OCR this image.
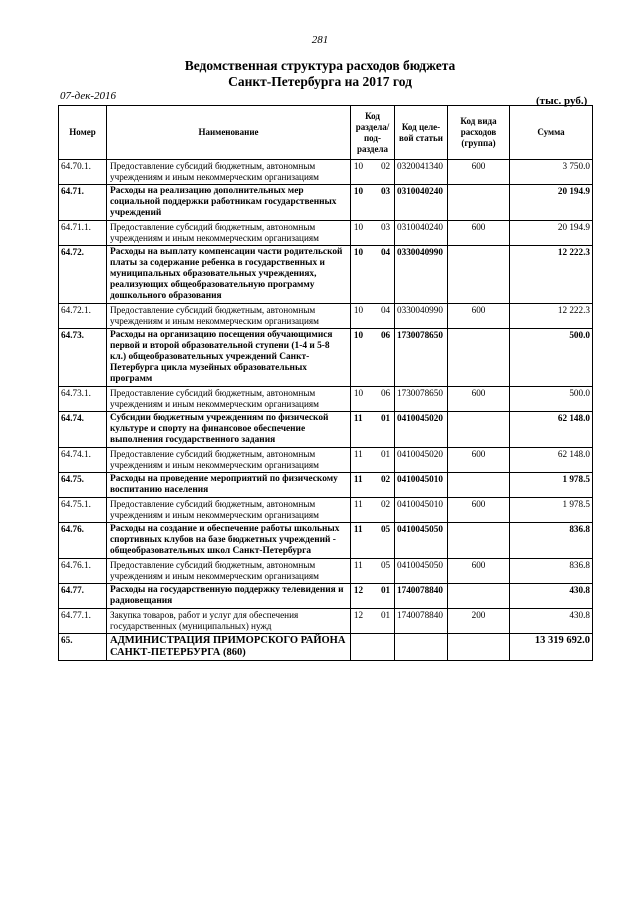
281
Ведомственная структура расходов бюджета
Санкт-Петербурга на 2017 год
07-дек-2016	(тыс. руб.)
Номер	Наименование	Код раздела/ под- раздела	Код целе- вой статьи	Код вида расходов (группа)	Сумма
64.70.1.	Предоставление субсидий бюджетным, автономным учреждениям и иным некоммерческим организациям	10 02	0320041340	600	3 750.0
64.71.	Расходы на реализацию дополнительных мер социальной поддержки работникам государственных учреждений	10 03	0310040240		20 194.9
64.71.1.	Предоставление субсидий бюджетным, автономным учреждениям и иным некоммерческим организациям	10 03	0310040240	600	20 194.9
64.72.	Расходы на выплату компенсации части родительской платы за содержание ребенка в государственных и муниципальных образовательных учреждениях, реализующих общеобразовательную программу дошкольного образования	10 04	0330040990		12 222.3
64.72.1.	Предоставление субсидий бюджетным, автономным учреждениям и иным некоммерческим организациям	10 04	0330040990	600	12 222.3
64.73.	Расходы на организацию посещения обучающимися первой и второй образовательной ступени (1-4 и 5-8 кл.) общеобразовательных учреждений Санкт-Петербурга цикла музейных образовательных программ	10 06	1730078650		500.0
64.73.1.	Предоставление субсидий бюджетным, автономным учреждениям и иным некоммерческим организациям	10 06	1730078650	600	500.0
64.74.	Субсидии бюджетным учреждениям по физической культуре и спорту на финансовое обеспечение выполнения государственного задания	11 01	0410045020		62 148.0
64.74.1.	Предоставление субсидий бюджетным, автономным учреждениям и иным некоммерческим организациям	11 01	0410045020	600	62 148.0
64.75.	Расходы на проведение мероприятий по физическому воспитанию населения	11 02	0410045010		1 978.5
64.75.1.	Предоставление субсидий бюджетным, автономным учреждениям и иным некоммерческим организациям	11 02	0410045010	600	1 978.5
64.76.	Расходы на создание и обеспечение работы школьных спортивных клубов на базе бюджетных учреждений - общеобразовательных школ Санкт-Петербурга	11 05	0410045050		836.8
64.76.1.	Предоставление субсидий бюджетным, автономным учреждениям и иным некоммерческим организациям	11 05	0410045050	600	836.8
64.77.	Расходы на государственную поддержку телевидения и радиовещания	12 01	1740078840		430.8
64.77.1.	Закупка товаров, работ и услуг для обеспечения государственных (муниципальных) нужд	12 01	1740078840	200	430.8
65.	АДМИНИСТРАЦИЯ ПРИМОРСКОГО РАЙОНА САНКТ-ПЕТЕРБУРГА (860)				13 319 692.0
